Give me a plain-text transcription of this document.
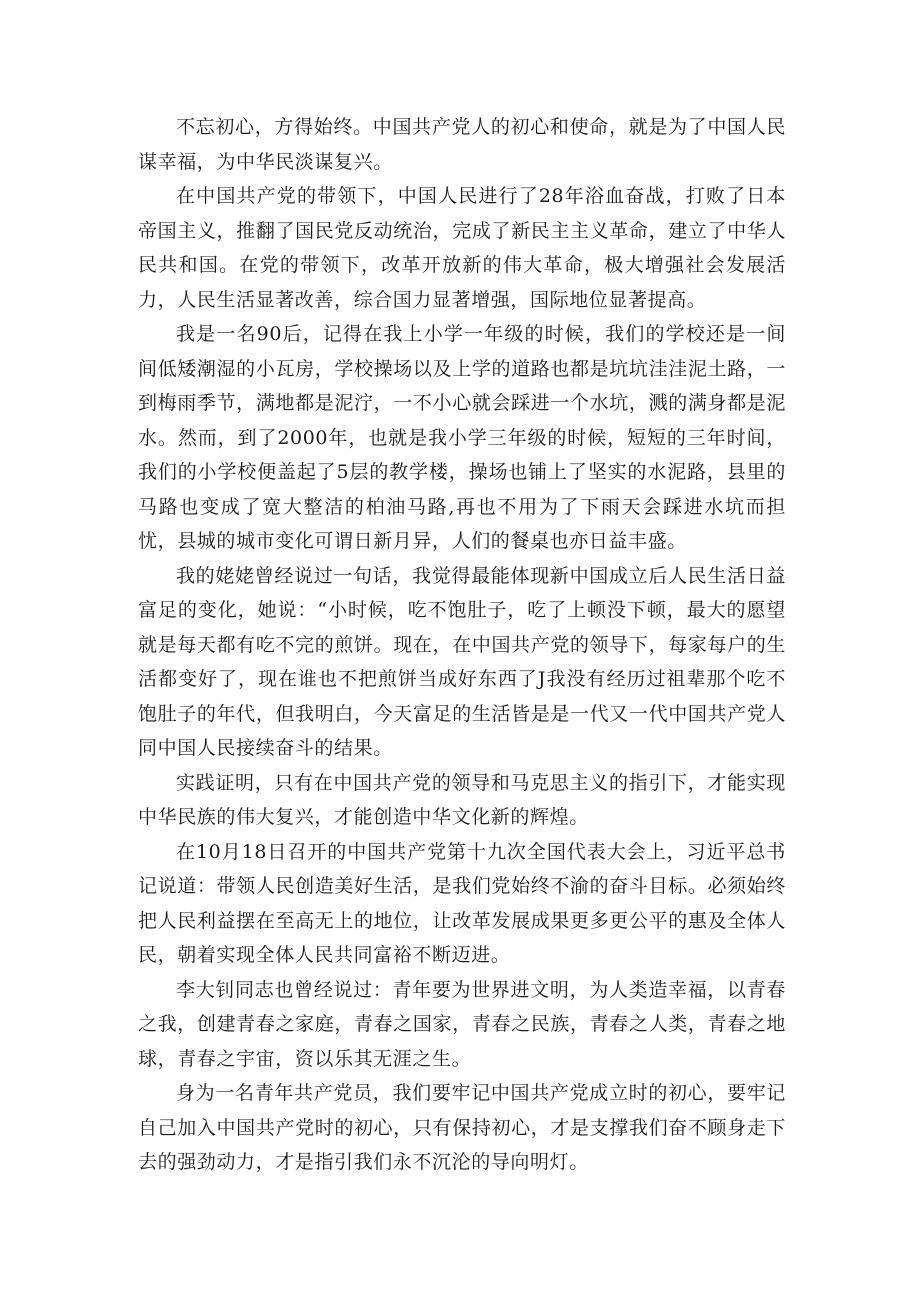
不忘初心，方得始终。中国共产党人的初心和使命，就是为了中国人民谋幸福，为中华民淡谋复兴。

在中国共产党的带领下，中国人民进行了28年浴血奋战，打败了日本帝国主义，推翻了国民党反动统治，完成了新民主主义革命，建立了中华人民共和国。在党的带领下，改革开放新的伟大革命，极大增强社会发展活力，人民生活显著改善，综合国力显著增强，国际地位显著提高。

我是一名90后，记得在我上小学一年级的时候，我们的学校还是一间间低矮潮湿的小瓦房，学校操场以及上学的道路也都是坑坑洼洼泥土路，一到梅雨季节，满地都是泥泞，一不小心就会踩进一个水坑，溅的满身都是泥水。然而，到了2000年，也就是我小学三年级的时候，短短的三年时间，我们的小学校便盖起了5层的教学楼，操场也铺上了坚实的水泥路，县里的马路也变成了宽大整洁的柏油马路,再也不用为了下雨天会踩进水坑而担忧，县城的城市变化可谓日新月异，人们的餐桌也亦日益丰盛。

我的姥姥曾经说过一句话，我觉得最能体现新中国成立后人民生活日益富足的变化，她说：“小时候，吃不饱肚子，吃了上顿没下顿，最大的愿望就是每天都有吃不完的煎饼。现在，在中国共产党的领导下，每家每户的生活都变好了，现在谁也不把煎饼当成好东西了J我没有经历过祖辈那个吃不饱肚子的年代，但我明白，今天富足的生活皆是是一代又一代中国共产党人同中国人民接续奋斗的结果。

实践证明，只有在中国共产党的领导和马克思主义的指引下，才能实现中华民族的伟大复兴，才能创造中华文化新的辉煌。

在10月18日召开的中国共产党第十九次全国代表大会上，习近平总书记说道：带领人民创造美好生活，是我们党始终不渝的奋斗目标。必须始终把人民利益摆在至高无上的地位，让改革发展成果更多更公平的惠及全体人民，朝着实现全体人民共同富裕不断迈进。

李大钊同志也曾经说过：青年要为世界进文明，为人类造幸福，以青春之我，创建青春之家庭，青春之国家，青春之民族，青春之人类，青春之地球，青春之宇宙，资以乐其无涯之生。

身为一名青年共产党员，我们要牢记中国共产党成立时的初心，要牢记自己加入中国共产党时的初心，只有保持初心，才是支撑我们奋不顾身走下去的强劲动力，才是指引我们永不沉沦的导向明灯。
